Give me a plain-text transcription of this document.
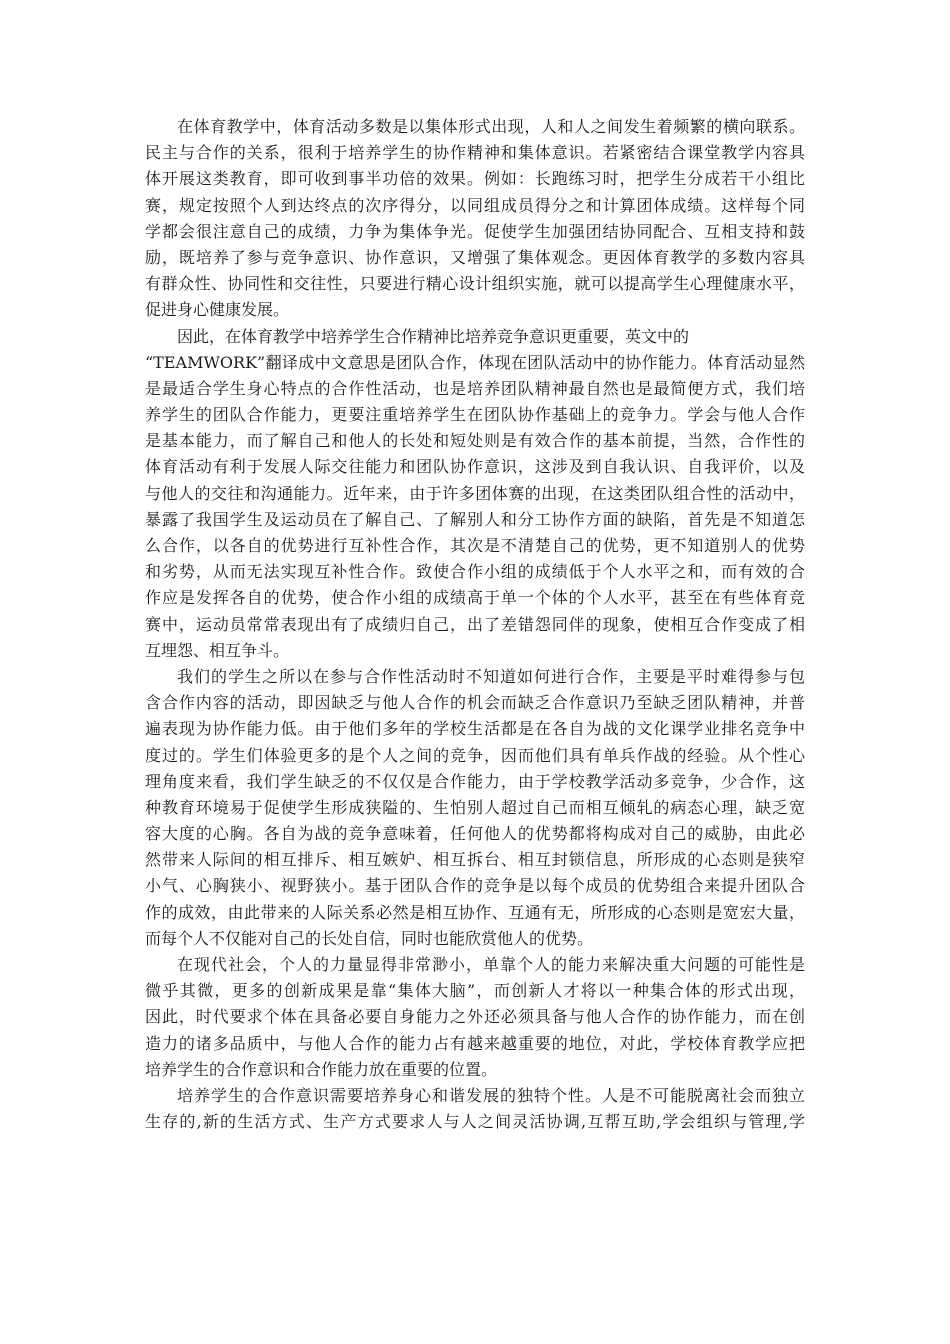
在体育教学中，体育活动多数是以集体形式出现，人和人之间发生着频繁的横向联系。
民主与合作的关系，很利于培养学生的协作精神和集体意识。若紧密结合课堂教学内容具
体开展这类教育，即可收到事半功倍的效果。例如：长跑练习时，把学生分成若干小组比
赛，规定按照个人到达终点的次序得分，以同组成员得分之和计算团体成绩。这样每个同
学都会很注意自己的成绩，力争为集体争光。促使学生加强团结协同配合、互相支持和鼓
励，既培养了参与竞争意识、协作意识，又增强了集体观念。更因体育教学的多数内容具
有群众性、协同性和交往性，只要进行精心设计组织实施，就可以提高学生心理健康水平，
促进身心健康发展。
因此，在体育教学中培养学生合作精神比培养竞争意识更重要，英文中的
“TEAMWORK”翻译成中文意思是团队合作，体现在团队活动中的协作能力。体育活动显然
是最适合学生身心特点的合作性活动，也是培养团队精神最自然也是最简便方式，我们培
养学生的团队合作能力，更要注重培养学生在团队协作基础上的竞争力。学会与他人合作
是基本能力，而了解自己和他人的长处和短处则是有效合作的基本前提，当然，合作性的
体育活动有利于发展人际交往能力和团队协作意识，这涉及到自我认识、自我评价，以及
与他人的交往和沟通能力。近年来，由于许多团体赛的出现，在这类团队组合性的活动中，
暴露了我国学生及运动员在了解自己、了解别人和分工协作方面的缺陷，首先是不知道怎
么合作，以各自的优势进行互补性合作，其次是不清楚自己的优势，更不知道别人的优势
和劣势，从而无法实现互补性合作。致使合作小组的成绩低于个人水平之和，而有效的合
作应是发挥各自的优势，使合作小组的成绩高于单一个体的个人水平，甚至在有些体育竞
赛中，运动员常常表现出有了成绩归自己，出了差错怨同伴的现象，使相互合作变成了相
互埋怨、相互争斗。
我们的学生之所以在参与合作性活动时不知道如何进行合作，主要是平时难得参与包
含合作内容的活动，即因缺乏与他人合作的机会而缺乏合作意识乃至缺乏团队精神，并普
遍表现为协作能力低。由于他们多年的学校生活都是在各自为战的文化课学业排名竞争中
度过的。学生们体验更多的是个人之间的竞争，因而他们具有单兵作战的经验。从个性心
理角度来看，我们学生缺乏的不仅仅是合作能力，由于学校教学活动多竞争，少合作，这
种教育环境易于促使学生形成狭隘的、生怕别人超过自己而相互倾轧的病态心理，缺乏宽
容大度的心胸。各自为战的竞争意味着，任何他人的优势都将构成对自己的威胁，由此必
然带来人际间的相互排斥、相互嫉妒、相互拆台、相互封锁信息，所形成的心态则是狭窄
小气、心胸狭小、视野狭小。基于团队合作的竞争是以每个成员的优势组合来提升团队合
作的成效，由此带来的人际关系必然是相互协作、互通有无，所形成的心态则是宽宏大量，
而每个人不仅能对自己的长处自信，同时也能欣赏他人的优势。
在现代社会，个人的力量显得非常渺小，单靠个人的能力来解决重大问题的可能性是
微乎其微，更多的创新成果是靠“集体大脑”，而创新人才将以一种集合体的形式出现，
因此，时代要求个体在具备必要自身能力之外还必须具备与他人合作的协作能力，而在创
造力的诸多品质中，与他人合作的能力占有越来越重要的地位，对此，学校体育教学应把
培养学生的合作意识和合作能力放在重要的位置。
培养学生的合作意识需要培养身心和谐发展的独特个性。人是不可能脱离社会而独立
生存的,新的生活方式、生产方式要求人与人之间灵活协调,互帮互助,学会组织与管理,学
